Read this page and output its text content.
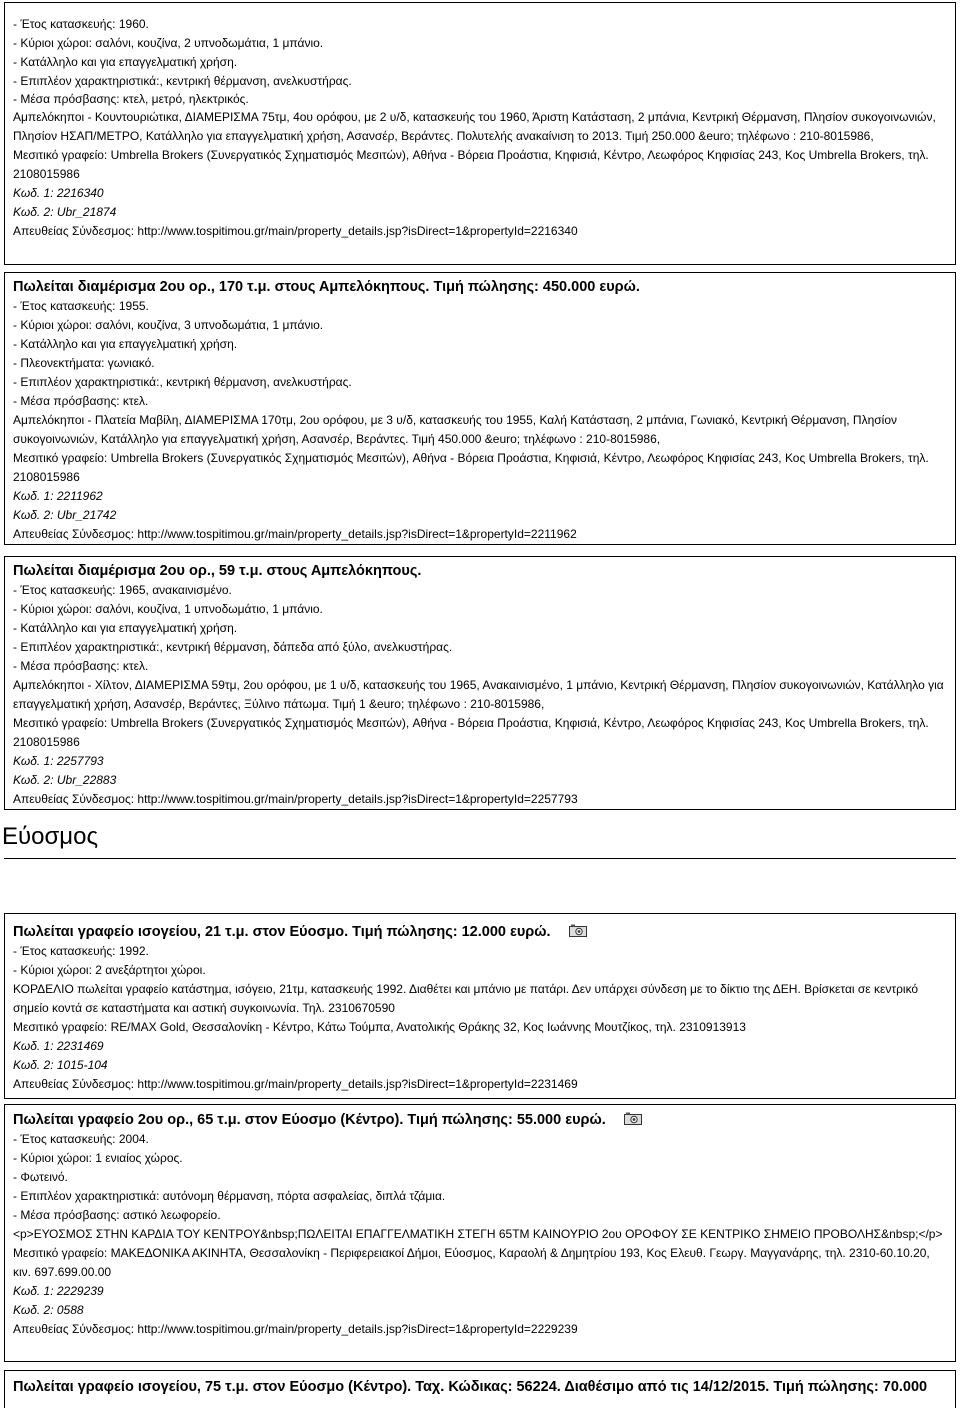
- Έτος κατασκευής: 1960.
- Κύριοι χώροι: σαλόνι, κουζίνα, 2 υπνοδωμάτια, 1 μπάνιο.
- Κατάλληλο και για επαγγελματική χρήση.
- Επιπλέον χαρακτηριστικά:, κεντρική θέρμανση, ανελκυστήρας.
- Μέσα πρόσβασης: κτελ, μετρό, ηλεκτρικός.
Αμπελόκηποι - Κουντουριώτικα, ΔΙΑΜΕΡΙΣΜΑ 75τμ, 4ου ορόφου, με 2 υ/δ, κατασκευής του 1960, Άριστη Κατάσταση, 2 μπάνια, Κεντρική Θέρμανση, Πλησίον συκογοινωνιών, Πλησίον ΗΣΑΠ/ΜΕΤΡΟ, Κατάλληλο για επαγγελματική χρήση, Ασανσέρ, Βεράντες. Πολυτελής ανακαίνιση το 2013. Τιμή 250.000 &euro; τηλέφωνο : 210-8015986,
Μεσιτικό γραφείο: Umbrella Brokers (Συνεργατικός Σχηματισμός Μεσιτών), Αθήνα - Βόρεια Προάστια, Κηφισιά, Κέντρο, Λεωφόρος Κηφισίας 243, Κος Umbrella Brokers, τηλ. 2108015986
Κωδ. 1: 2216340
Κωδ. 2: Ubr_21874
Απευθείας Σύνδεσμος: http://www.tospitimou.gr/main/property_details.jsp?isDirect=1&propertyId=2216340
Πωλείται διαμέρισμα 2ου ορ., 170 τ.μ. στους Αμπελόκηπους. Τιμή πώλησης: 450.000 ευρώ.
- Έτος κατασκευής: 1955.
- Κύριοι χώροι: σαλόνι, κουζίνα, 3 υπνοδωμάτια, 1 μπάνιο.
- Κατάλληλο και για επαγγελματική χρήση.
- Πλεονεκτήματα: γωνιακό.
- Επιπλέον χαρακτηριστικά:, κεντρική θέρμανση, ανελκυστήρας.
- Μέσα πρόσβασης: κτελ.
Αμπελόκηποι - Πλατεία Μαβίλη, ΔΙΑΜΕΡΙΣΜΑ 170τμ, 2ου ορόφου, με 3 υ/δ, κατασκευής του 1955, Καλή Κατάσταση, 2 μπάνια, Γωνιακό, Κεντρική Θέρμανση, Πλησίον συκογοινωνιών, Κατάλληλο για επαγγελματική χρήση, Ασανσέρ, Βεράντες. Τιμή 450.000 &euro; τηλέφωνο : 210-8015986,
Μεσιτικό γραφείο: Umbrella Brokers (Συνεργατικός Σχηματισμός Μεσιτών), Αθήνα - Βόρεια Προάστια, Κηφισιά, Κέντρο, Λεωφόρος Κηφισίας 243, Κος Umbrella Brokers, τηλ. 2108015986
Κωδ. 1: 2211962
Κωδ. 2: Ubr_21742
Απευθείας Σύνδεσμος: http://www.tospitimou.gr/main/property_details.jsp?isDirect=1&propertyId=2211962
Πωλείται διαμέρισμα 2ου ορ., 59 τ.μ. στους Αμπελόκηπους.
- Έτος κατασκευής: 1965, ανακαινισμένο.
- Κύριοι χώροι: σαλόνι, κουζίνα, 1 υπνοδωμάτιο, 1 μπάνιο.
- Κατάλληλο και για επαγγελματική χρήση.
- Επιπλέον χαρακτηριστικά:, κεντρική θέρμανση, δάπεδα από ξύλο, ανελκυστήρας.
- Μέσα πρόσβασης: κτελ.
Αμπελόκηποι - Χίλτον, ΔΙΑΜΕΡΙΣΜΑ 59τμ, 2ου ορόφου, με 1 υ/δ, κατασκευής του 1965, Ανακαινισμένο, 1 μπάνιο, Κεντρική Θέρμανση, Πλησίον συκογοινωνιών, Κατάλληλο για επαγγελματική χρήση, Ασανσέρ, Βεράντες, Ξύλινο πάτωμα. Τιμή 1 &euro; τηλέφωνο : 210-8015986,
Μεσιτικό γραφείο: Umbrella Brokers (Συνεργατικός Σχηματισμός Μεσιτών), Αθήνα - Βόρεια Προάστια, Κηφισιά, Κέντρο, Λεωφόρος Κηφισίας 243, Κος Umbrella Brokers, τηλ. 2108015986
Κωδ. 1: 2257793
Κωδ. 2: Ubr_22883
Απευθείας Σύνδεσμος: http://www.tospitimou.gr/main/property_details.jsp?isDirect=1&propertyId=2257793
Εύοσμος
Πωλείται γραφείο ισογείου, 21 τ.μ. στον Εύοσμο. Τιμή πώλησης: 12.000 ευρώ.
- Έτος κατασκευής: 1992.
- Κύριοι χώροι: 2 ανεξάρτητοι χώροι.
ΚΟΡΔΕΛΙΟ πωλείται γραφείο κατάστημα, ισόγειο, 21τμ, κατασκευής 1992. Διαθέτει και μπάνιο με πατάρι. Δεν υπάρχει σύνδεση με το δίκτιο της ΔΕΗ. Βρίσκεται σε κεντρικό σημείο κοντά σε καταστήματα και αστική συγκοινωνία. Τηλ. 2310670590
Μεσιτικό γραφείο: RE/MAX Gold, Θεσσαλονίκη - Κέντρο, Κάτω Τούμπα, Ανατολικής Θράκης 32, Κος Ιωάννης Μουτζίκος, τηλ. 2310913913
Κωδ. 1: 2231469
Κωδ. 2: 1015-104
Απευθείας Σύνδεσμος: http://www.tospitimou.gr/main/property_details.jsp?isDirect=1&propertyId=2231469
Πωλείται γραφείο 2ου ορ., 65 τ.μ. στον Εύοσμο (Κέντρο). Τιμή πώλησης: 55.000 ευρώ.
- Έτος κατασκευής: 2004.
- Κύριοι χώροι: 1 ενιαίος χώρος.
- Φωτεινό.
- Επιπλέον χαρακτηριστικά: αυτόνομη θέρμανση, πόρτα ασφαλείας, διπλά τζάμια.
- Μέσα πρόσβασης: αστικό λεωφορείο.
<p>ΕΥΟΣΜΟΣ ΣΤΗΝ ΚΑΡΔΙΑ ΤΟΥ ΚΕΝΤΡΟΥ&nbsp;ΠΩΛΕΙΤΑΙ ΕΠΑΓΓΕΛΜΑΤΙΚΗ ΣΤΕΓΗ 65ΤΜ ΚΑΙΝΟΥΡΙΟ 2ου ΟΡΟΦΟΥ ΣΕ ΚΕΝΤΡΙΚΟ ΣΗΜΕΙΟ ΠΡΟΒΟΛΗΣ&nbsp;</p>
Μεσιτικό γραφείο: ΜΑΚΕΔΟΝΙΚΑ ΑΚΙΝΗΤΑ, Θεσσαλονίκη - Περιφερειακοί Δήμοι, Εύοσμος, Καραολή & Δημητρίου 193, Κος Ελευθ. Γεωργ. Μαγγανάρης, τηλ. 2310-60.10.20, κιν. 697.699.00.00
Κωδ. 1: 2229239
Κωδ. 2: 0588
Απευθείας Σύνδεσμος: http://www.tospitimou.gr/main/property_details.jsp?isDirect=1&propertyId=2229239
Πωλείται γραφείο ισογείου, 75 τ.μ. στον Εύοσμο (Κέντρο). Ταχ. Κώδικας: 56224. Διαθέσιμο από τις 14/12/2015. Τιμή πώλησης: 70.000
